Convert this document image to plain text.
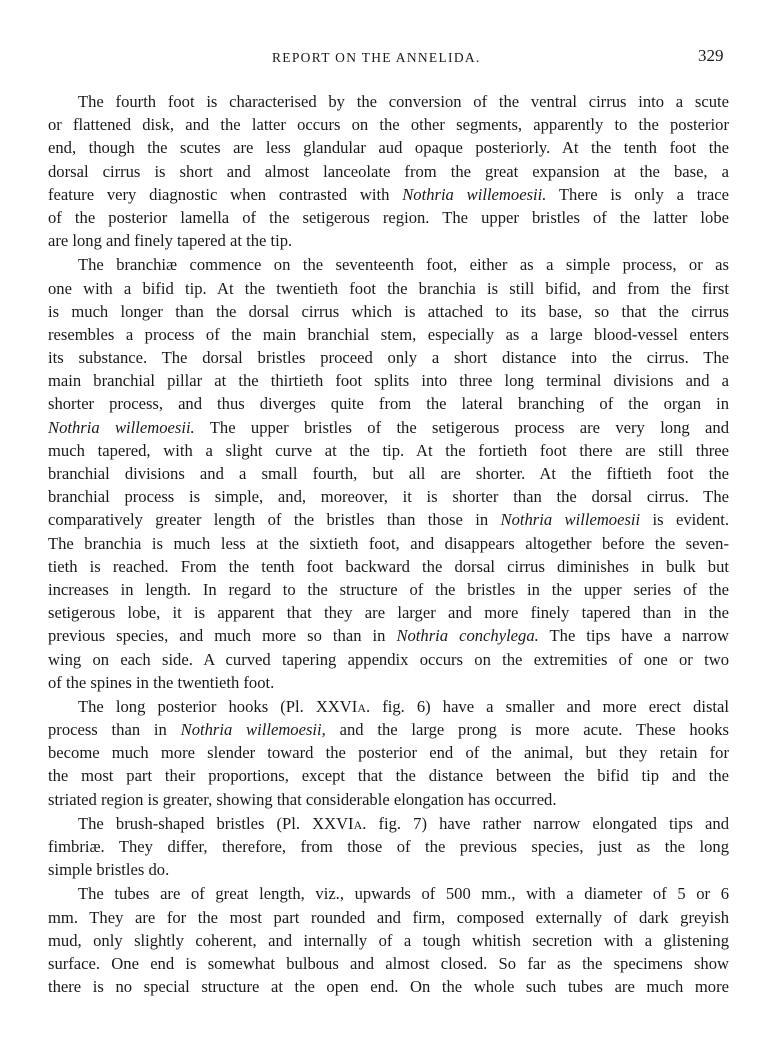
REPORT ON THE ANNELIDA.	329
The fourth foot is characterised by the conversion of the ventral cirrus into a scute
or flattened disk, and the latter occurs on the other segments, apparently to the posterior
end, though the scutes are less glandular aud opaque posteriorly. At the tenth foot the
dorsal cirrus is short and almost lanceolate from the great expansion at the base, a
feature very diagnostic when contrasted with Nothria willemoesii. There is only a trace
of the posterior lamella of the setigerous region. The upper bristles of the latter lobe
are long and finely tapered at the tip.
The branchiæ commence on the seventeenth foot, either as a simple process, or as
one with a bifid tip. At the twentieth foot the branchia is still bifid, and from the first
is much longer than the dorsal cirrus which is attached to its base, so that the cirrus
resembles a process of the main branchial stem, especially as a large blood-vessel enters
its substance. The dorsal bristles proceed only a short distance into the cirrus. The
main branchial pillar at the thirtieth foot splits into three long terminal divisions and a
shorter process, and thus diverges quite from the lateral branching of the organ in
Nothria willemoesii. The upper bristles of the setigerous process are very long and
much tapered, with a slight curve at the tip. At the fortieth foot there are still three
branchial divisions and a small fourth, but all are shorter. At the fiftieth foot the
branchial process is simple, and, moreover, it is shorter than the dorsal cirrus. The
comparatively greater length of the bristles than those in Nothria willemoesii is evident.
The branchia is much less at the sixtieth foot, and disappears altogether before the seven-
tieth is reached. From the tenth foot backward the dorsal cirrus diminishes in bulk but
increases in length. In regard to the structure of the bristles in the upper series of the
setigerous lobe, it is apparent that they are larger and more finely tapered than in the
previous species, and much more so than in Nothria conchylega. The tips have a narrow
wing on each side. A curved tapering appendix occurs on the extremities of one or two
of the spines in the twentieth foot.
The long posterior hooks (Pl. XXVIa. fig. 6) have a smaller and more erect distal
process than in Nothria willemoesii, and the large prong is more acute. These hooks
become much more slender toward the posterior end of the animal, but they retain for
the most part their proportions, except that the distance between the bifid tip and the
striated region is greater, showing that considerable elongation has occurred.
The brush-shaped bristles (Pl. XXVIa. fig. 7) have rather narrow elongated tips and
fimbriæ. They differ, therefore, from those of the previous species, just as the long
simple bristles do.
The tubes are of great length, viz., upwards of 500 mm., with a diameter of 5 or 6
mm. They are for the most part rounded and firm, composed externally of dark greyish
mud, only slightly coherent, and internally of a tough whitish secretion with a glistening
surface. One end is somewhat bulbous and almost closed. So far as the specimens show
there is no special structure at the open end. On the whole such tubes are much more
